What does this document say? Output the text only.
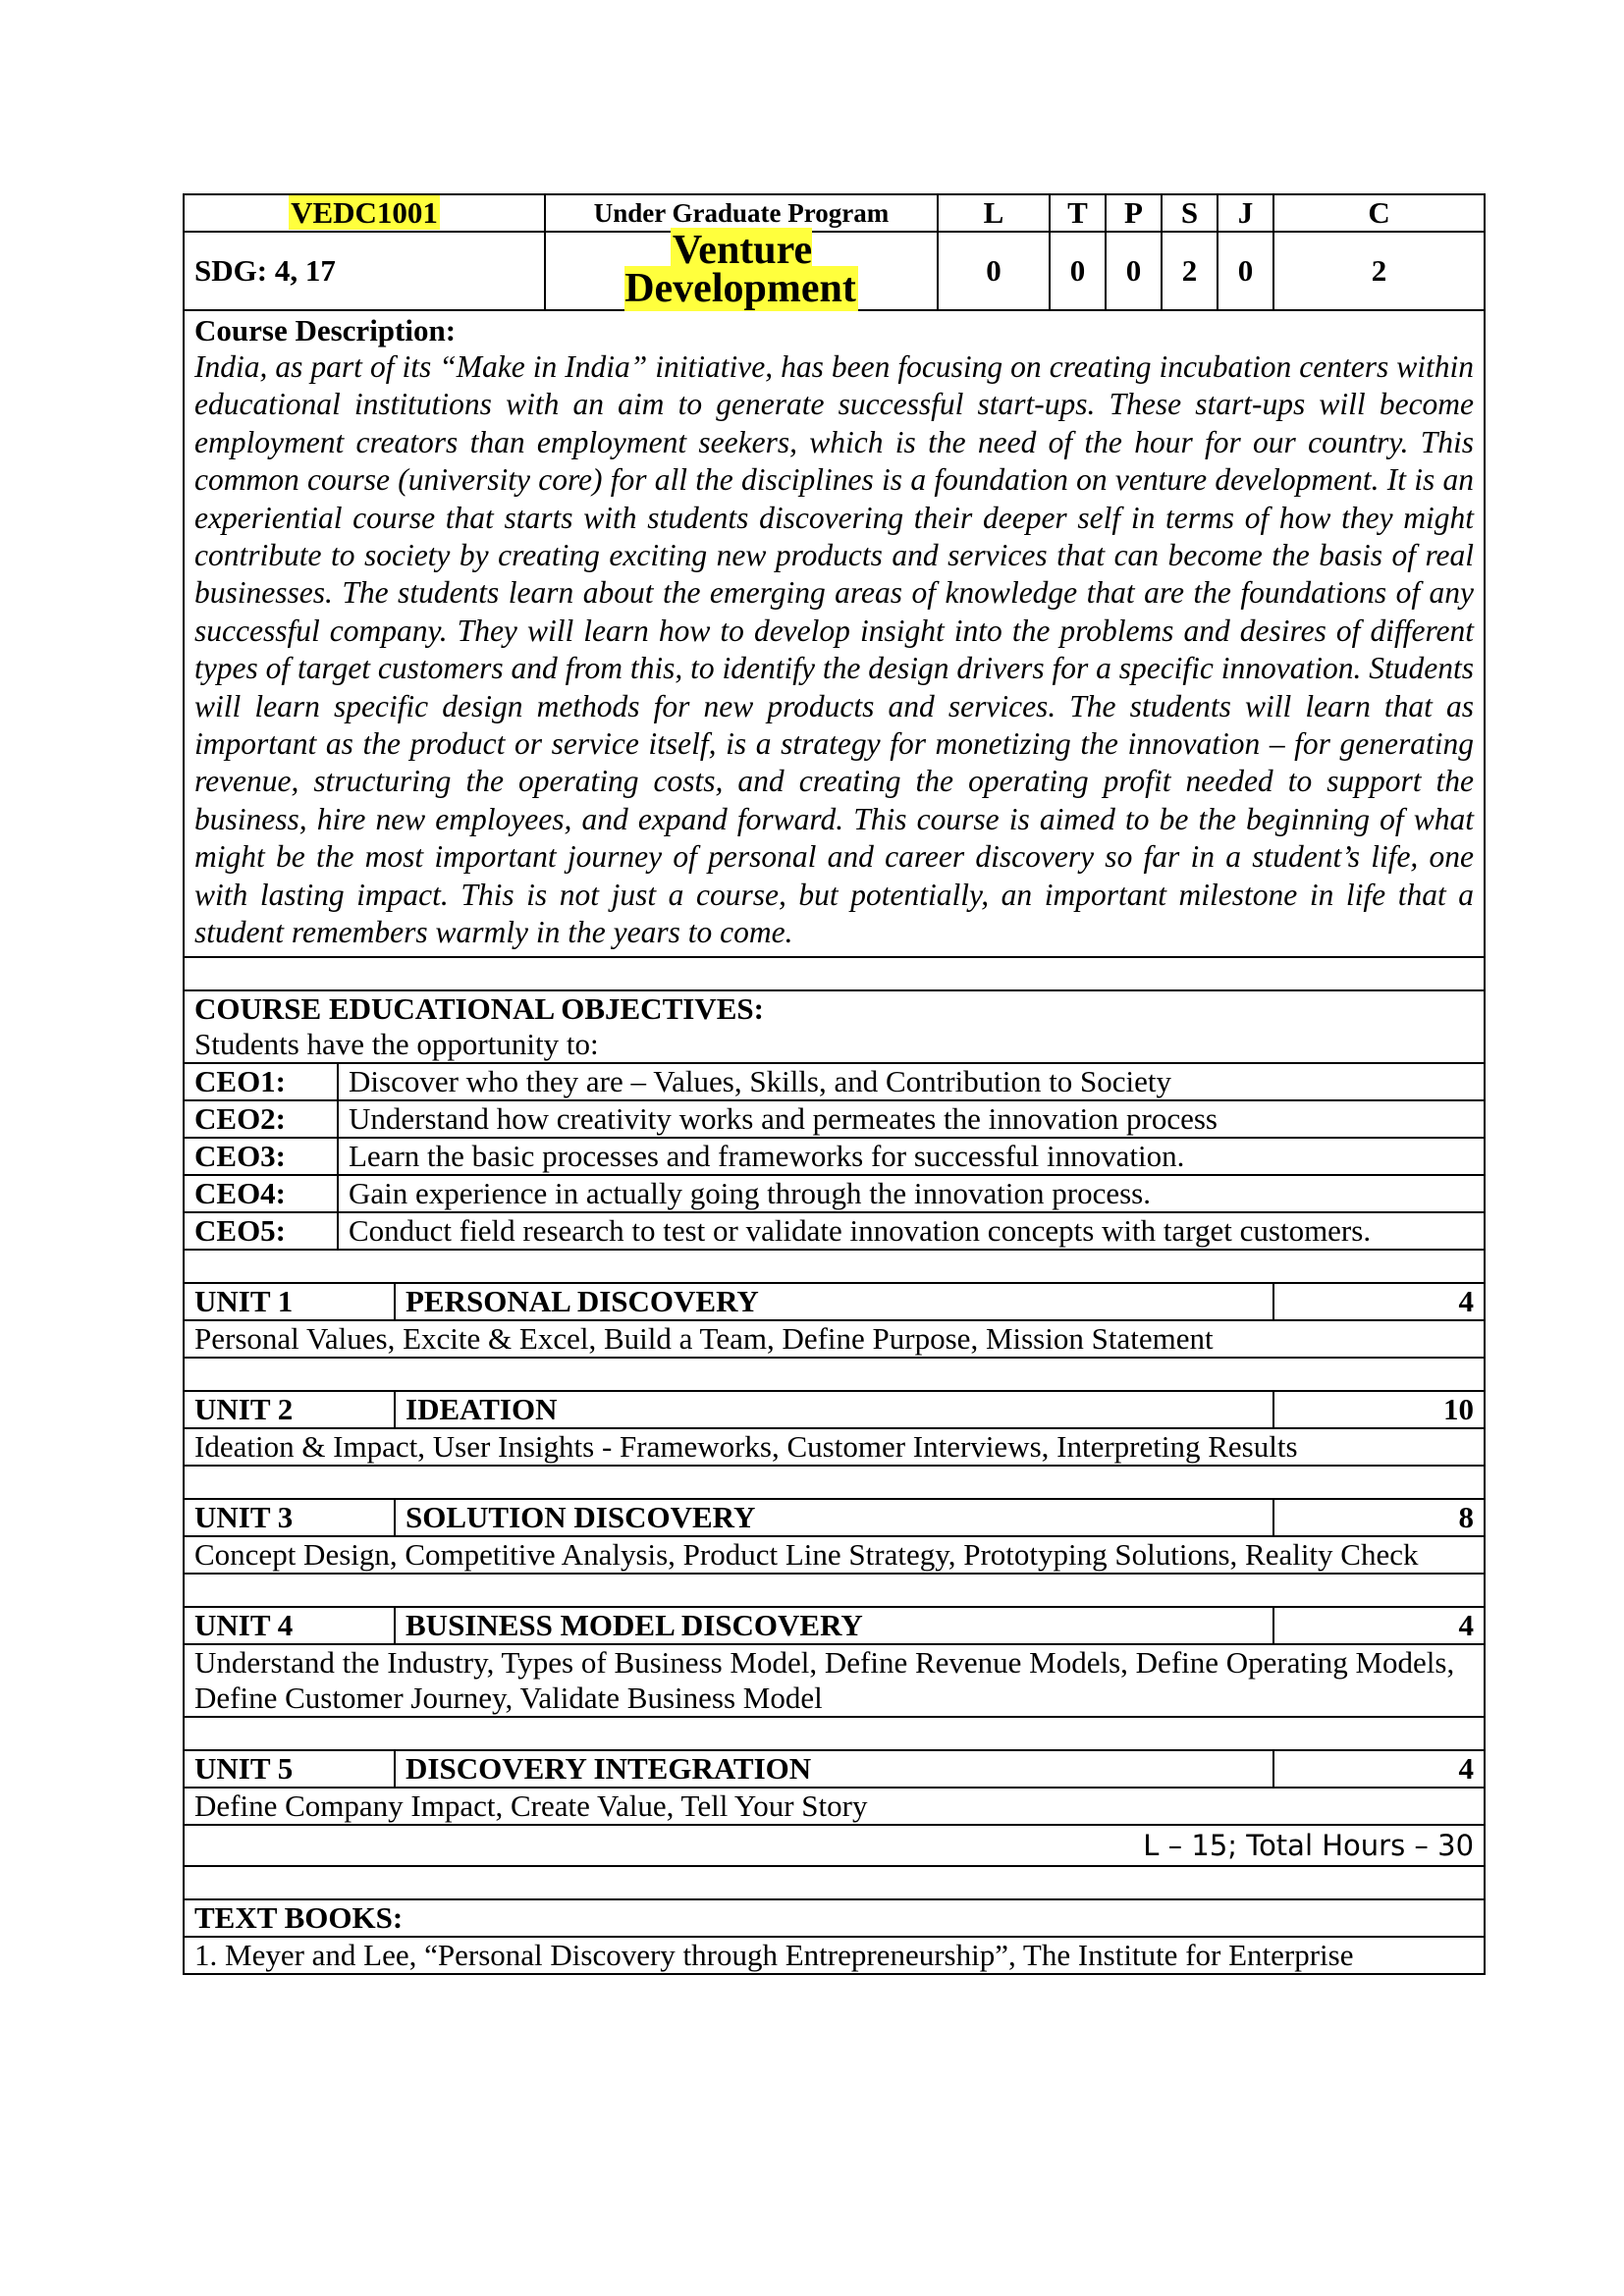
VEDC1001			Under Graduate Program	L	T	P	S	J	C
SDG: 4, 17			Venture Development	0	0	0	2	0	2

Course Description:
India, as part of its “Make in India” initiative, has been focusing on creating incubation centers within educational institutions with an aim to generate successful start-ups. These start-ups will become employment creators than employment seekers, which is the need of the hour for our country. This common course (university core) for all the disciplines is a foundation on venture development. It is an experiential course that starts with students discovering their deeper self in terms of how they might contribute to society by creating exciting new products and services that can become the basis of real businesses. The students learn about the emerging areas of knowledge that are the foundations of any successful company. They will learn how to develop insight into the problems and desires of different types of target customers and from this, to identify the design drivers for a specific innovation. Students will learn specific design methods for new products and services. The students will learn that as important as the product or service itself, is a strategy for monetizing the innovation – for generating revenue, structuring the operating costs, and creating the operating profit needed to support the business, hire new employees, and expand forward. This course is aimed to be the beginning of what might be the most important journey of personal and career discovery so far in a student’s life, one with lasting impact. This is not just a course, but potentially, an important milestone in life that a student remembers warmly in the years to come.									

COURSE EDUCATIONAL OBJECTIVES:
Students have the opportunity to:									

CEO1:	Discover who they are – Values, Skills, and Contribution to Society								
CEO2:	Understand how creativity works and permeates the innovation process								
CEO3:	Learn the basic processes and frameworks for successful innovation.								
CEO4:	Gain experience in actually going through the innovation process.								
CEO5:	Conduct field research to test or validate innovation concepts with target customers.								

UNIT 1		PERSONAL DISCOVERY							4
Personal Values, Excite & Excel, Build a Team, Define Purpose, Mission Statement									

UNIT 2		IDEATION							10
Ideation & Impact, User Insights - Frameworks, Customer Interviews, Interpreting Results									

UNIT 3		SOLUTION DISCOVERY							8
Concept Design, Competitive Analysis, Product Line Strategy, Prototyping Solutions, Reality Check									

UNIT 4		BUSINESS MODEL DISCOVERY							4
Understand the Industry, Types of Business Model, Define Revenue Models, Define Operating Models, Define Customer Journey, Validate Business Model									

UNIT 5		DISCOVERY INTEGRATION							4
Define Company Impact, Create Value, Tell Your Story									
L – 15; Total Hours – 30									

TEXT BOOKS:									
1. Meyer and Lee, “Personal Discovery through Entrepreneurship”, The Institute for Enterprise									
